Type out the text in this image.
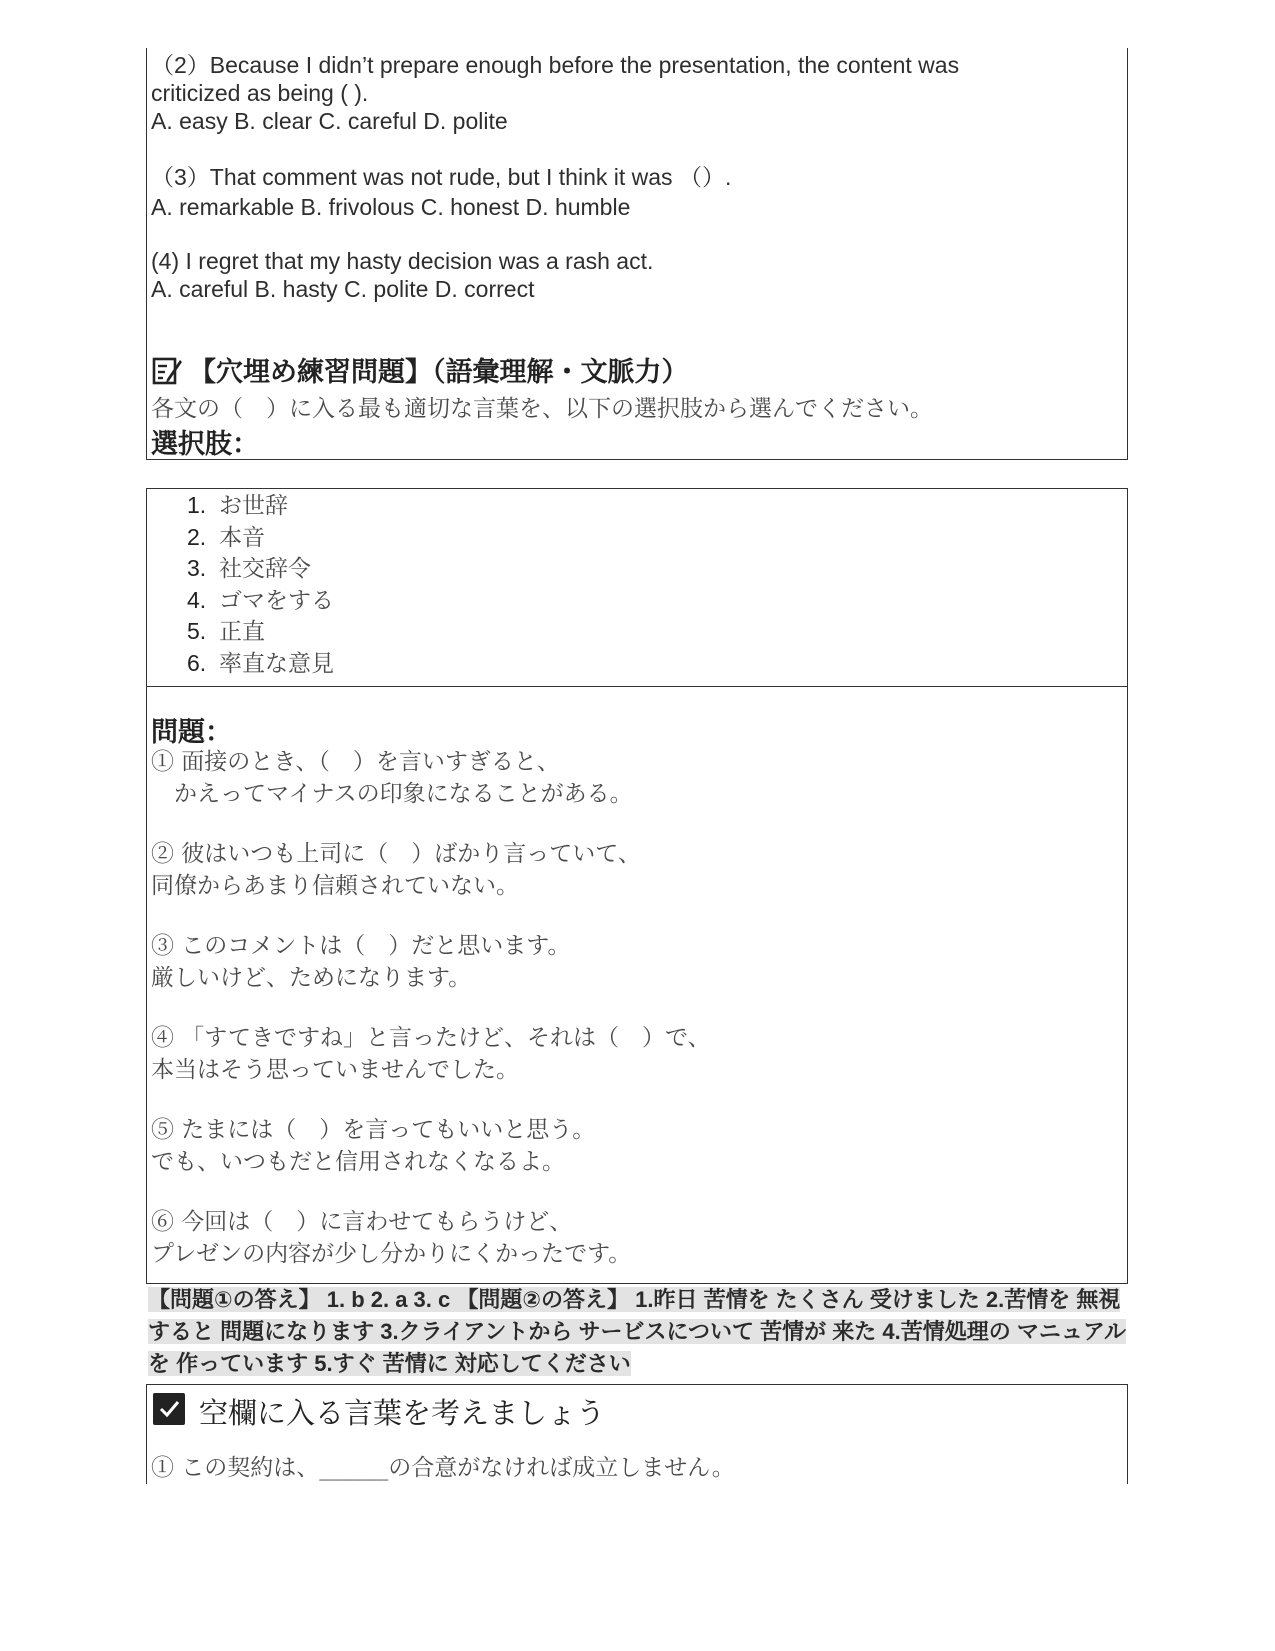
（2）Because I didn’t prepare enough before the presentation, the content was
criticized as being ( ).
A. easy B. clear C. careful D. polite
（3）That comment was not rude, but I think it was （）.
A. remarkable B. frivolous C. honest D. humble
(4) I regret that my hasty decision was a rash act.
A. careful B. hasty C. polite D. correct
【穴埋め練習問題】（語彙理解・文脈力）
各文の（　）に入る最も適切な言葉を、以下の選択肢から選んでください。
選択肢：
1. お世辞
2. 本音
3. 社交辞令
4. ゴマをする
5. 正直
6. 率直な意見
問題：
① 面接のとき、（　）を言いすぎると、
　かえってマイナスの印象になることがある。
② 彼はいつも上司に（　）ばかり言っていて、
同僚からあまり信頼されていない。
③ このコメントは（　）だと思います。
厳しいけど、ためになります。
④ 「すてきですね」と言ったけど、それは（　）で、
本当はそう思っていませんでした。
⑤ たまには（　）を言ってもいいと思う。
でも、いつもだと信用されなくなるよ。
⑥ 今回は（　）に言わせてもらうけど、
プレゼンの内容が少し分かりにくかったです。
【問題①の答え】 1. b 2. a 3. c 【問題②の答え】 1.昨日 苦情を たくさん 受けました 2.苦情を 無視すると 問題になります 3.クライアントから サービスについて 苦情が 来た 4.苦情処理の マニュアルを 作っています 5.すぐ 苦情に 対応してください
空欄に入る言葉を考えましょう
① この契約は、______の合意がなければ成立しません。
